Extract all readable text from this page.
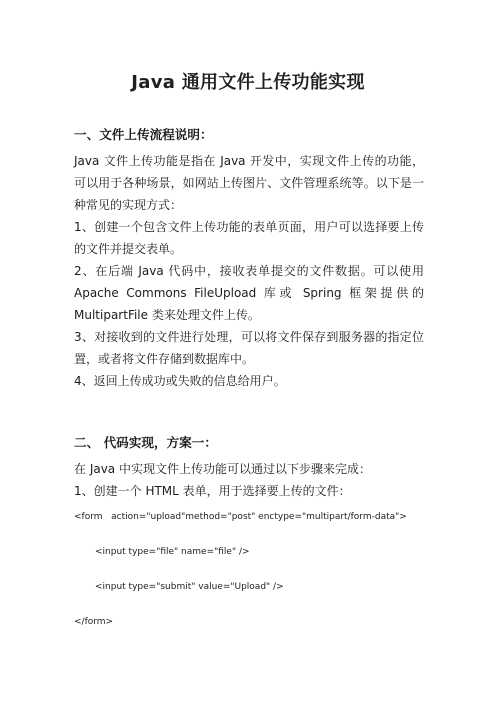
Java 通用文件上传功能实现
一、文件上传流程说明：
Java 文件上传功能是指在 Java 开发中，实现文件上传的功能，可以用于各种场景，如网站上传图片、文件管理系统等。以下是一种常见的实现方式：
1、创建一个包含文件上传功能的表单页面，用户可以选择要上传的文件并提交表单。
2、在后端 Java 代码中，接收表单提交的文件数据。可以使用 Apache Commons FileUpload 库或 Spring 框架提供的 MultipartFile 类来处理文件上传。
3、对接收到的文件进行处理，可以将文件保存到服务器的指定位置，或者将文件存储到数据库中。
4、返回上传成功或失败的信息给用户。
二、 代码实现，方案一：
在 Java 中实现文件上传功能可以通过以下步骤来完成：
1、创建一个 HTML 表单，用于选择要上传的文件：
<form   action="upload"method="post" enctype="multipart/form-data">
<input type="file" name="file" />
<input type="submit" value="Upload" />
</form>
